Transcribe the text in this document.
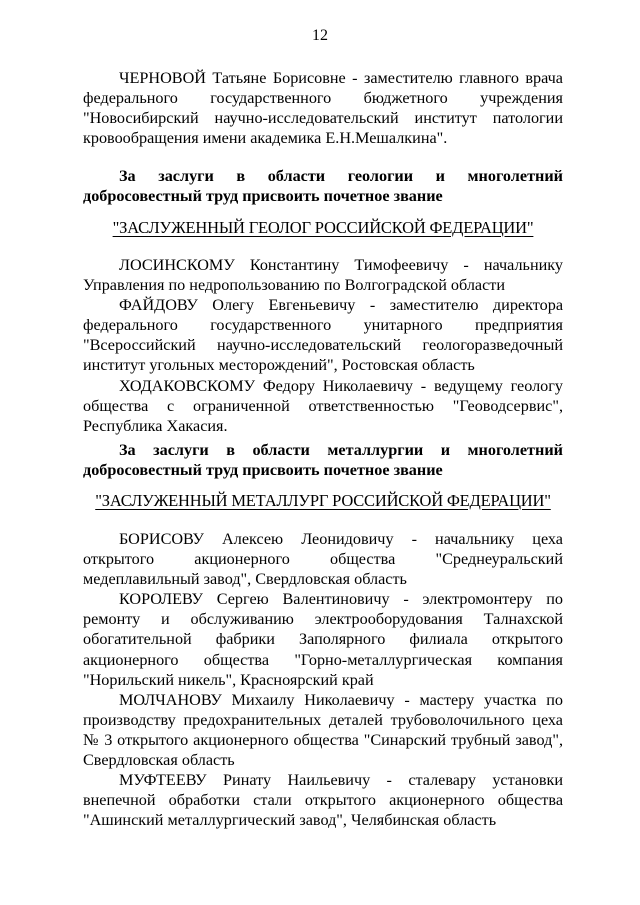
12

ЧЕРНОВОЙ Татьяне Борисовне - заместителю главного врача федерального государственного бюджетного учреждения "Новосибирский научно-исследовательский институт патологии кровообращения имени академика Е.Н.Мешалкина".

За заслуги в области геологии и многолетний добросовестный труд присвоить почетное звание

"ЗАСЛУЖЕННЫЙ ГЕОЛОГ РОССИЙСКОЙ ФЕДЕРАЦИИ"

ЛОСИНСКОМУ Константину Тимофеевичу - начальнику Управления по недропользованию по Волгоградской области

ФАЙДОВУ Олегу Евгеньевичу - заместителю директора федерального государственного унитарного предприятия "Всероссийский научно-исследовательский геологоразведочный институт угольных месторождений", Ростовская область

ХОДАКОВСКОМУ Федору Николаевичу - ведущему геологу общества с ограниченной ответственностью "Геоводсервис", Республика Хакасия.

За заслуги в области металлургии и многолетний добросовестный труд присвоить почетное звание

"ЗАСЛУЖЕННЫЙ МЕТАЛЛУРГ РОССИЙСКОЙ ФЕДЕРАЦИИ"

БОРИСОВУ Алексею Леонидовичу - начальнику цеха открытого акционерного общества "Среднеуральский медеплавильный завод", Свердловская область

КОРОЛЕВУ Сергею Валентиновичу - электромонтеру по ремонту и обслуживанию электрооборудования Талнахской обогатительной фабрики Заполярного филиала открытого акционерного общества "Горно-металлургическая компания "Норильский никель", Красноярский край

МОЛЧАНОВУ Михаилу Николаевичу - мастеру участка по производству предохранительных деталей трубоволочильного цеха № 3 открытого акционерного общества "Синарский трубный завод", Свердловская область

МУФТЕЕВУ Ринату Наильевичу - сталевару установки внепечной обработки стали открытого акционерного общества "Ашинский металлургический завод", Челябинская область
